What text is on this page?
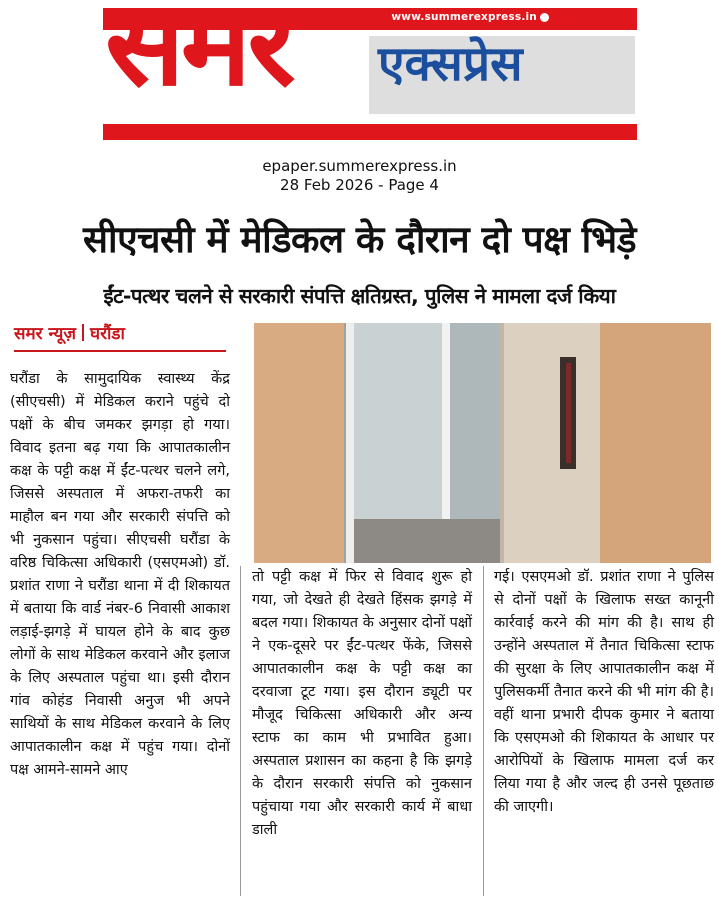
www.summerexpress.in
समर एक्सप्रेस
epaper.summerexpress.in
28 Feb 2026 - Page 4
सीएचसी में मेडिकल के दौरान दो पक्ष भिड़े
ईंट-पत्थर चलने से सरकारी संपत्ति क्षतिग्रस्त, पुलिस ने मामला दर्ज किया
समर न्यूज़ घरौंडा

घरौंडा के सामुदायिक स्वास्थ्य केंद्र (सीएचसी) में मेडिकल कराने पहुंचे दो पक्षों के बीच जमकर झगड़ा हो गया। विवाद इतना बढ़ गया कि आपातकालीन कक्ष के पट्टी कक्ष में ईंट-पत्थर चलने लगे, जिससे अस्पताल में अफरा-तफरी का माहौल बन गया और सरकारी संपत्ति को भी नुकसान पहुंचा। सीएचसी घरौंडा के वरिष्ठ चिकित्सा अधिकारी (एसएमओ) डॉ. प्रशांत राणा ने घरौंडा थाना में दी शिकायत में बताया कि वार्ड नंबर-6 निवासी आकाश लड़ाई-झगड़े में घायल होने के बाद कुछ लोगों के साथ मेडिकल करवाने और इलाज के लिए अस्पताल पहुंचा था। इसी दौरान गांव कोहंड निवासी अनुज भी अपने साथियों के साथ मेडिकल करवाने के लिए आपातकालीन कक्ष में पहुंच गया। दोनों पक्ष आमने-सामने आए

तो पट्टी कक्ष में फिर से विवाद शुरू हो गया, जो देखते ही देखते हिंसक झगड़े में बदल गया। शिकायत के अनुसार दोनों पक्षों ने एक-दूसरे पर ईंट-पत्थर फेंके, जिससे आपातकालीन कक्ष के पट्टी कक्ष का दरवाजा टूट गया। इस दौरान ड्यूटी पर मौजूद चिकित्सा अधिकारी और अन्य स्टाफ का काम भी प्रभावित हुआ। अस्पताल प्रशासन का कहना है कि झगड़े के दौरान सरकारी संपत्ति को नुकसान पहुंचाया गया और सरकारी कार्य में बाधा डाली

गई। एसएमओ डॉ. प्रशांत राणा ने पुलिस से दोनों पक्षों के खिलाफ सख्त कानूनी कार्रवाई करने की मांग की है। साथ ही उन्होंने अस्पताल में तैनात चिकित्सा स्टाफ की सुरक्षा के लिए आपातकालीन कक्ष में पुलिसकर्मी तैनात करने की भी मांग की है। वहीं थाना प्रभारी दीपक कुमार ने बताया कि एसएमओ की शिकायत के आधार पर आरोपियों के खिलाफ मामला दर्ज कर लिया गया है और जल्द ही उनसे पूछताछ की जाएगी।
